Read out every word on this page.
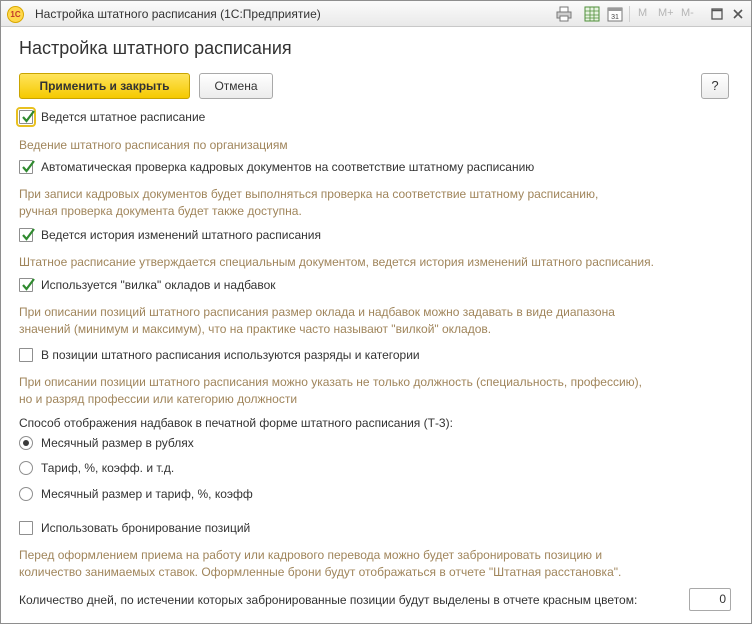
1С Настройка штатного расписания (1С:Предприятие)	31 M M+ M-
Настройка штатного расписания
Применить и закрыть	Отмена	?
Ведется штатное расписание
Ведение штатного расписания по организациям
Автоматическая проверка кадровых документов на соответствие штатному расписанию
При записи кадровых документов будет выполняться проверка на соответствие штатному расписанию,
ручная проверка документа будет также доступна.
Ведется история изменений штатного расписания
Штатное расписание утверждается специальным документом, ведется история изменений штатного расписания.
Используется "вилка" окладов и надбавок
При описании позиций штатного расписания размер оклада и надбавок можно задавать в виде диапазона
значений (минимум и максимум), что на практике часто называют "вилкой" окладов.
В позиции штатного расписания используются разряды и категории
При описании позиции штатного расписания можно указать не только должность (специальность, профессию),
но и разряд профессии или категорию должности
Способ отображения надбавок в печатной форме штатного расписания (Т-3):
Месячный размер в рублях
Тариф, %, коэфф. и т.д.
Месячный размер и тариф, %, коэфф
Использовать бронирование позиций
Перед оформлением приема на работу или кадрового перевода можно будет забронировать позицию и
количество занимаемых ставок. Оформленные брони будут отображаться в отчете "Штатная расстановка".
Количество дней, по истечении которых забронированные позиции будут выделены в отчете красным цветом:	0
